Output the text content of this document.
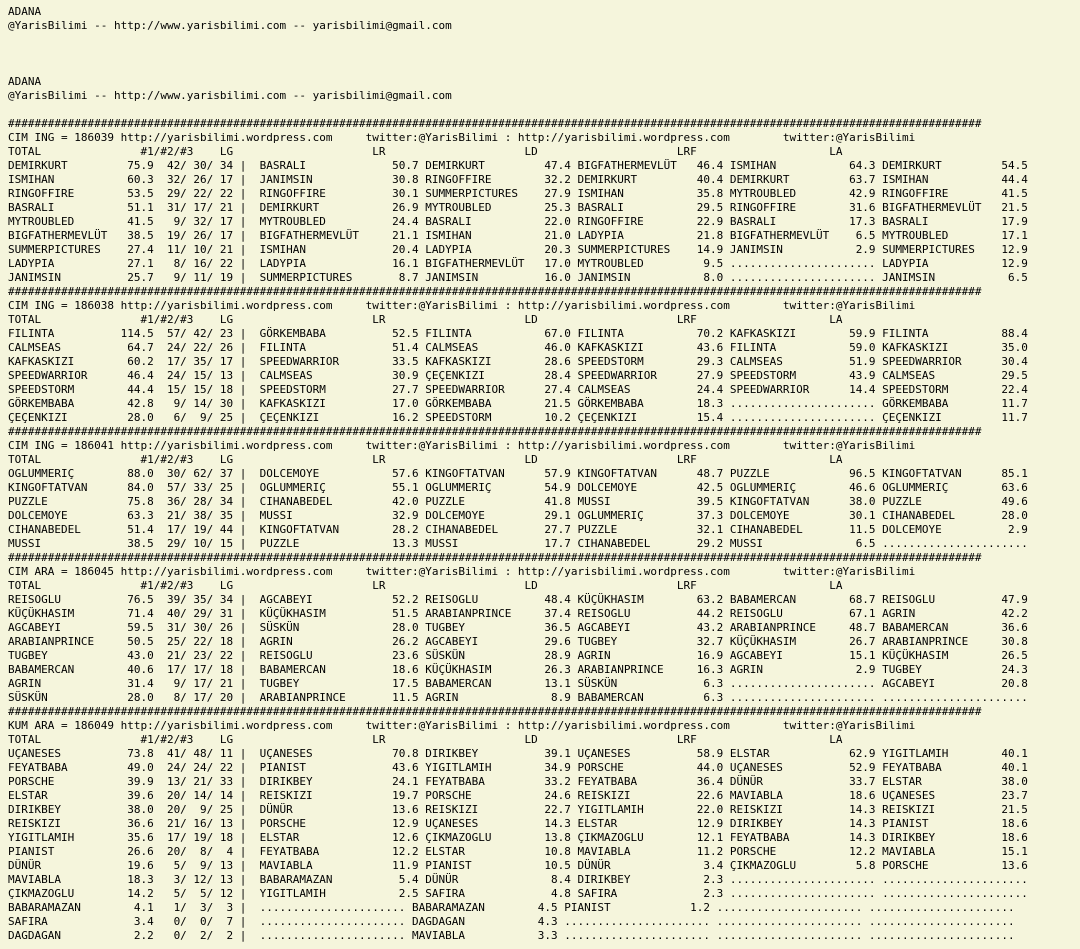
ADANA
@YarisBilimi -- http://www.yarisbilimi.com -- yarisbilimi@gmail.com
ADANA
@YarisBilimi -- http://www.yarisbilimi.com -- yarisbilimi@gmail.com
###################################################################################################################################################
CIM ING = 186039 http://yarisbilimi.wordpress.com     twitter:@YarisBilimi : http://yarisbilimi.wordpress.com        twitter:@YarisBilimi
TOTAL               #1/#2/#3    LG                     LR                     LD                     LRF                    LA
DEMIRKURT         75.9  42/ 30/ 34 |  BASRALI             50.7 DEMIRKURT         47.4 BIGFATHERMEVLÜT   46.4 ISMIHAN           64.3 DEMIRKURT         54.5
ISMIHAN           60.3  32/ 26/ 17 |  JANIMSIN            30.8 RINGOFFIRE        32.2 DEMIRKURT         40.4 DEMIRKURT         63.7 ISMIHAN           44.4
RINGOFFIRE        53.5  29/ 22/ 22 |  RINGOFFIRE          30.1 SUMMERPICTURES    27.9 ISMIHAN           35.8 MYTROUBLED        42.9 RINGOFFIRE        41.5
BASRALI           51.1  31/ 17/ 21 |  DEMIRKURT           26.9 MYTROUBLED        25.3 BASRALI           29.5 RINGOFFIRE        31.6 BIGFATHERMEVLÜT   21.5
MYTROUBLED        41.5   9/ 32/ 17 |  MYTROUBLED          24.4 BASRALI           22.0 RINGOFFIRE        22.9 BASRALI           17.3 BASRALI           17.9
BIGFATHERMEVLÜT   38.5  19/ 26/ 17 |  BIGFATHERMEVLÜT     21.1 ISMIHAN           21.0 LADYPIA           21.8 BIGFATHERMEVLÜT    6.5 MYTROUBLED        17.1
SUMMERPICTURES    27.4  11/ 10/ 21 |  ISMIHAN             20.4 LADYPIA           20.3 SUMMERPICTURES    14.9 JANIMSIN           2.9 SUMMERPICTURES    12.9
LADYPIA           27.1   8/ 16/ 22 |  LADYPIA             16.1 BIGFATHERMEVLÜT   17.0 MYTROUBLED         9.5 ...................... LADYPIA           12.9
JANIMSIN          25.7   9/ 11/ 19 |  SUMMERPICTURES       8.7 JANIMSIN          16.0 JANIMSIN           8.0 ...................... JANIMSIN           6.5
###################################################################################################################################################
CIM ING = 186038 http://yarisbilimi.wordpress.com     twitter:@YarisBilimi : http://yarisbilimi.wordpress.com        twitter:@YarisBilimi
TOTAL               #1/#2/#3    LG                     LR                     LD                     LRF                    LA
FILINTA          114.5  57/ 42/ 23 |  GÖRKEMBABA          52.5 FILINTA           67.0 FILINTA           70.2 KAFKASKIZI        59.9 FILINTA           88.4
CALMSEAS          64.7  24/ 22/ 26 |  FILINTA             51.4 CALMSEAS          46.0 KAFKASKIZI        43.6 FILINTA           59.0 KAFKASKIZI        35.0
KAFKASKIZI        60.2  17/ 35/ 17 |  SPEEDWARRIOR        33.5 KAFKASKIZI        28.6 SPEEDSTORM        29.3 CALMSEAS          51.9 SPEEDWARRIOR      30.4
SPEEDWARRIOR      46.4  24/ 15/ 13 |  CALMSEAS            30.9 ÇEÇENKIZI         28.4 SPEEDWARRIOR      27.9 SPEEDSTORM        43.9 CALMSEAS          29.5
SPEEDSTORM        44.4  15/ 15/ 18 |  SPEEDSTORM          27.7 SPEEDWARRIOR      27.4 CALMSEAS          24.4 SPEEDWARRIOR      14.4 SPEEDSTORM        22.4
GÖRKEMBABA        42.8   9/ 14/ 30 |  KAFKASKIZI          17.0 GÖRKEMBABA        21.5 GÖRKEMBABA        18.3 ...................... GÖRKEMBABA        11.7
ÇEÇENKIZI         28.0   6/  9/ 25 |  ÇEÇENKIZI           16.2 SPEEDSTORM        10.2 ÇEÇENKIZI         15.4 ...................... ÇEÇENKIZI         11.7
###################################################################################################################################################
CIM ING = 186041 http://yarisbilimi.wordpress.com     twitter:@YarisBilimi : http://yarisbilimi.wordpress.com        twitter:@YarisBilimi
TOTAL               #1/#2/#3    LG                     LR                     LD                     LRF                    LA
OGLUMMERIÇ        88.0  30/ 62/ 37 |  DOLCEMOYE           57.6 KINGOFTATVAN      57.9 KINGOFTATVAN      48.7 PUZZLE            96.5 KINGOFTATVAN      85.1
KINGOFTATVAN      84.0  57/ 33/ 25 |  OGLUMMERIÇ          55.1 OGLUMMERIÇ        54.9 DOLCEMOYE         42.5 OGLUMMERIÇ        46.6 OGLUMMERIÇ        63.6
PUZZLE            75.8  36/ 28/ 34 |  CIHANABEDEL         42.0 PUZZLE            41.8 MUSSI             39.5 KINGOFTATVAN      38.0 PUZZLE            49.6
DOLCEMOYE         63.3  21/ 38/ 35 |  MUSSI               32.9 DOLCEMOYE         29.1 OGLUMMERIÇ        37.3 DOLCEMOYE         30.1 CIHANABEDEL       28.0
CIHANABEDEL       51.4  17/ 19/ 44 |  KINGOFTATVAN        28.2 CIHANABEDEL       27.7 PUZZLE            32.1 CIHANABEDEL       11.5 DOLCEMOYE          2.9
MUSSI             38.5  29/ 10/ 15 |  PUZZLE              13.3 MUSSI             17.7 CIHANABEDEL       29.2 MUSSI              6.5 ......................
###################################################################################################################################################
CIM ARA = 186045 http://yarisbilimi.wordpress.com     twitter:@YarisBilimi : http://yarisbilimi.wordpress.com        twitter:@YarisBilimi
TOTAL               #1/#2/#3    LG                     LR                     LD                     LRF                    LA
REISOGLU          76.5  39/ 35/ 34 |  AGCABEYI            52.2 REISOGLU          48.4 KÜÇÜKHASIM        63.2 BABAMERCAN        68.7 REISOGLU          47.9
KÜÇÜKHASIM        71.4  40/ 29/ 31 |  KÜÇÜKHASIM          51.5 ARABIANPRINCE     37.4 REISOGLU          44.2 REISOGLU          67.1 AGRIN             42.2
AGCABEYI          59.5  31/ 30/ 26 |  SÜSKÜN              28.0 TUGBEY            36.5 AGCABEYI          43.2 ARABIANPRINCE     48.7 BABAMERCAN        36.6
ARABIANPRINCE     50.5  25/ 22/ 18 |  AGRIN               26.2 AGCABEYI          29.6 TUGBEY            32.7 KÜÇÜKHASIM        26.7 ARABIANPRINCE     30.8
TUGBEY            43.0  21/ 23/ 22 |  REISOGLU            23.6 SÜSKÜN            28.9 AGRIN             16.9 AGCABEYI          15.1 KÜÇÜKHASIM        26.5
BABAMERCAN        40.6  17/ 17/ 18 |  BABAMERCAN          18.6 KÜÇÜKHASIM        26.3 ARABIANPRINCE     16.3 AGRIN              2.9 TUGBEY            24.3
AGRIN             31.4   9/ 17/ 21 |  TUGBEY              17.5 BABAMERCAN        13.1 SÜSKÜN             6.3 ...................... AGCABEYI          20.8
SÜSKÜN            28.0   8/ 17/ 20 |  ARABIANPRINCE       11.5 AGRIN              8.9 BABAMERCAN         6.3 ...................... ......................
###################################################################################################################################################
KUM ARA = 186049 http://yarisbilimi.wordpress.com     twitter:@YarisBilimi : http://yarisbilimi.wordpress.com        twitter:@YarisBilimi
TOTAL               #1/#2/#3    LG                     LR                     LD                     LRF                    LA
UÇANESES          73.8  41/ 48/ 11 |  UÇANESES            70.8 DIRIKBEY          39.1 UÇANESES          58.9 ELSTAR            62.9 YIGITLAMIH        40.1
FEYATBABA         49.0  24/ 24/ 22 |  PIANIST             43.6 YIGITLAMIH        34.9 PORSCHE           44.0 UÇANESES          52.9 FEYATBABA         40.1
PORSCHE           39.9  13/ 21/ 33 |  DIRIKBEY            24.1 FEYATBABA         33.2 FEYATBABA         36.4 DÜNÜR             33.7 ELSTAR            38.0
ELSTAR            39.6  20/ 14/ 14 |  REISKIZI            19.7 PORSCHE           24.6 REISKIZI          22.6 MAVIABLA          18.6 UÇANESES          23.7
DIRIKBEY          38.0  20/  9/ 25 |  DÜNÜR               13.6 REISKIZI          22.7 YIGITLAMIH        22.0 REISKIZI          14.3 REISKIZI          21.5
REISKIZI          36.6  21/ 16/ 13 |  PORSCHE             12.9 UÇANESES          14.3 ELSTAR            12.9 DIRIKBEY          14.3 PIANIST           18.6
YIGITLAMIH        35.6  17/ 19/ 18 |  ELSTAR              12.6 ÇIKMAZOGLU        13.8 ÇIKMAZOGLU        12.1 FEYATBABA         14.3 DIRIKBEY          18.6
PIANIST           26.6  20/  8/  4 |  FEYATBABA           12.2 ELSTAR            10.8 MAVIABLA          11.2 PORSCHE           12.2 MAVIABLA          15.1
DÜNÜR             19.6   5/  9/ 13 |  MAVIABLA            11.9 PIANIST           10.5 DÜNÜR              3.4 ÇIKMAZOGLU         5.8 PORSCHE           13.6
MAVIABLA          18.3   3/ 12/ 13 |  BABARAMAZAN          5.4 DÜNÜR              8.4 DIRIKBEY           2.3 ...................... ......................
ÇIKMAZOGLU        14.2   5/  5/ 12 |  YIGITLAMIH           2.5 SAFIRA             4.8 SAFIRA             2.3 ...................... ......................
BABARAMAZAN        4.1   1/  3/  3 |  ...................... BABARAMAZAN        4.5 PIANIST            1.2 ...................... ......................
SAFIRA             3.4   0/  0/  7 |  ...................... DAGDAGAN           4.3 ...................... ...................... ......................
DAGDAGAN           2.2   0/  2/  2 |  ...................... MAVIABLA           3.3 ...................... ...................... ......................
